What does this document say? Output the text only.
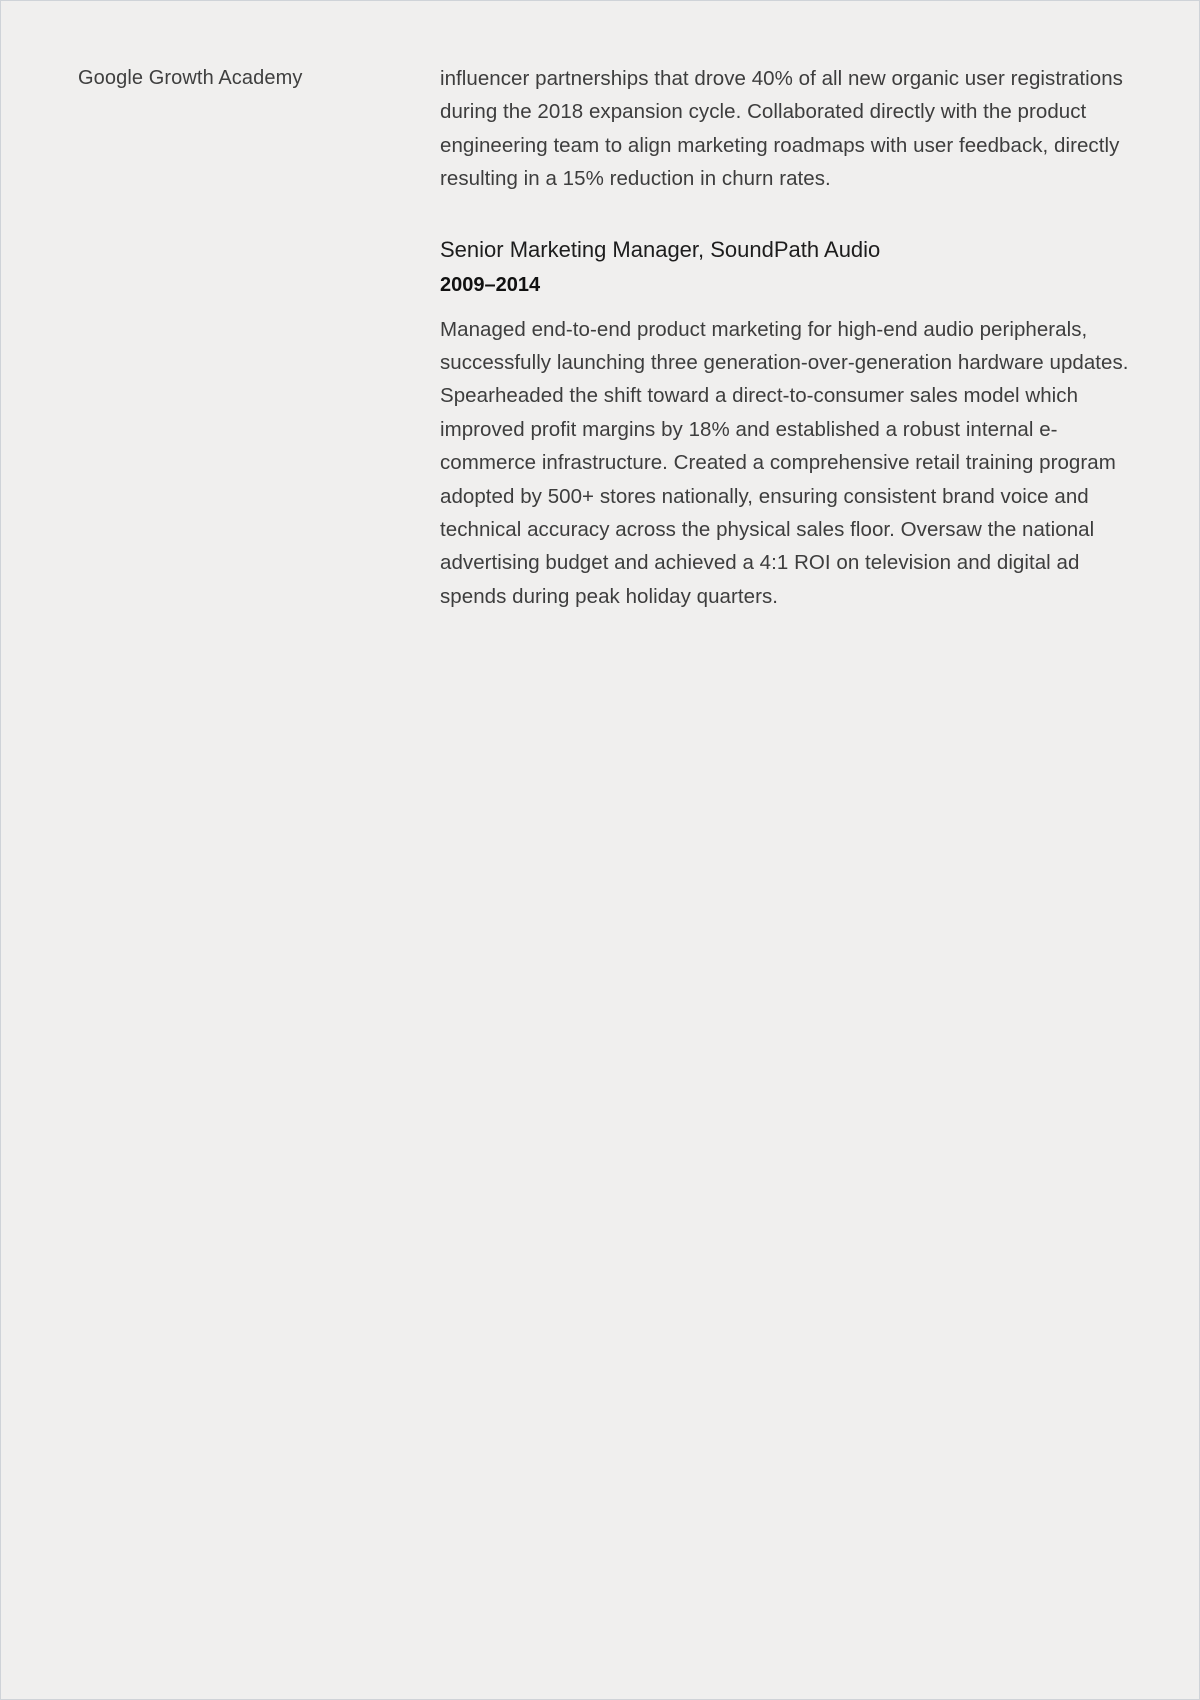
Google Growth Academy	influencer partnerships that drove 40% of all new organic user registrations during the 2018 expansion cycle. Collaborated directly with the product engineering team to align marketing roadmaps with user feedback, directly resulting in a 15% reduction in churn rates.

Senior Marketing Manager, SoundPath Audio

2009–2014

Managed end-to-end product marketing for high-end audio peripherals, successfully launching three generation-over-generation hardware updates. Spearheaded the shift toward a direct-to-consumer sales model which improved profit margins by 18% and established a robust internal e-commerce infrastructure. Created a comprehensive retail training program adopted by 500+ stores nationally, ensuring consistent brand voice and technical accuracy across the physical sales floor. Oversaw the national advertising budget and achieved a 4:1 ROI on television and digital ad spends during peak holiday quarters.
